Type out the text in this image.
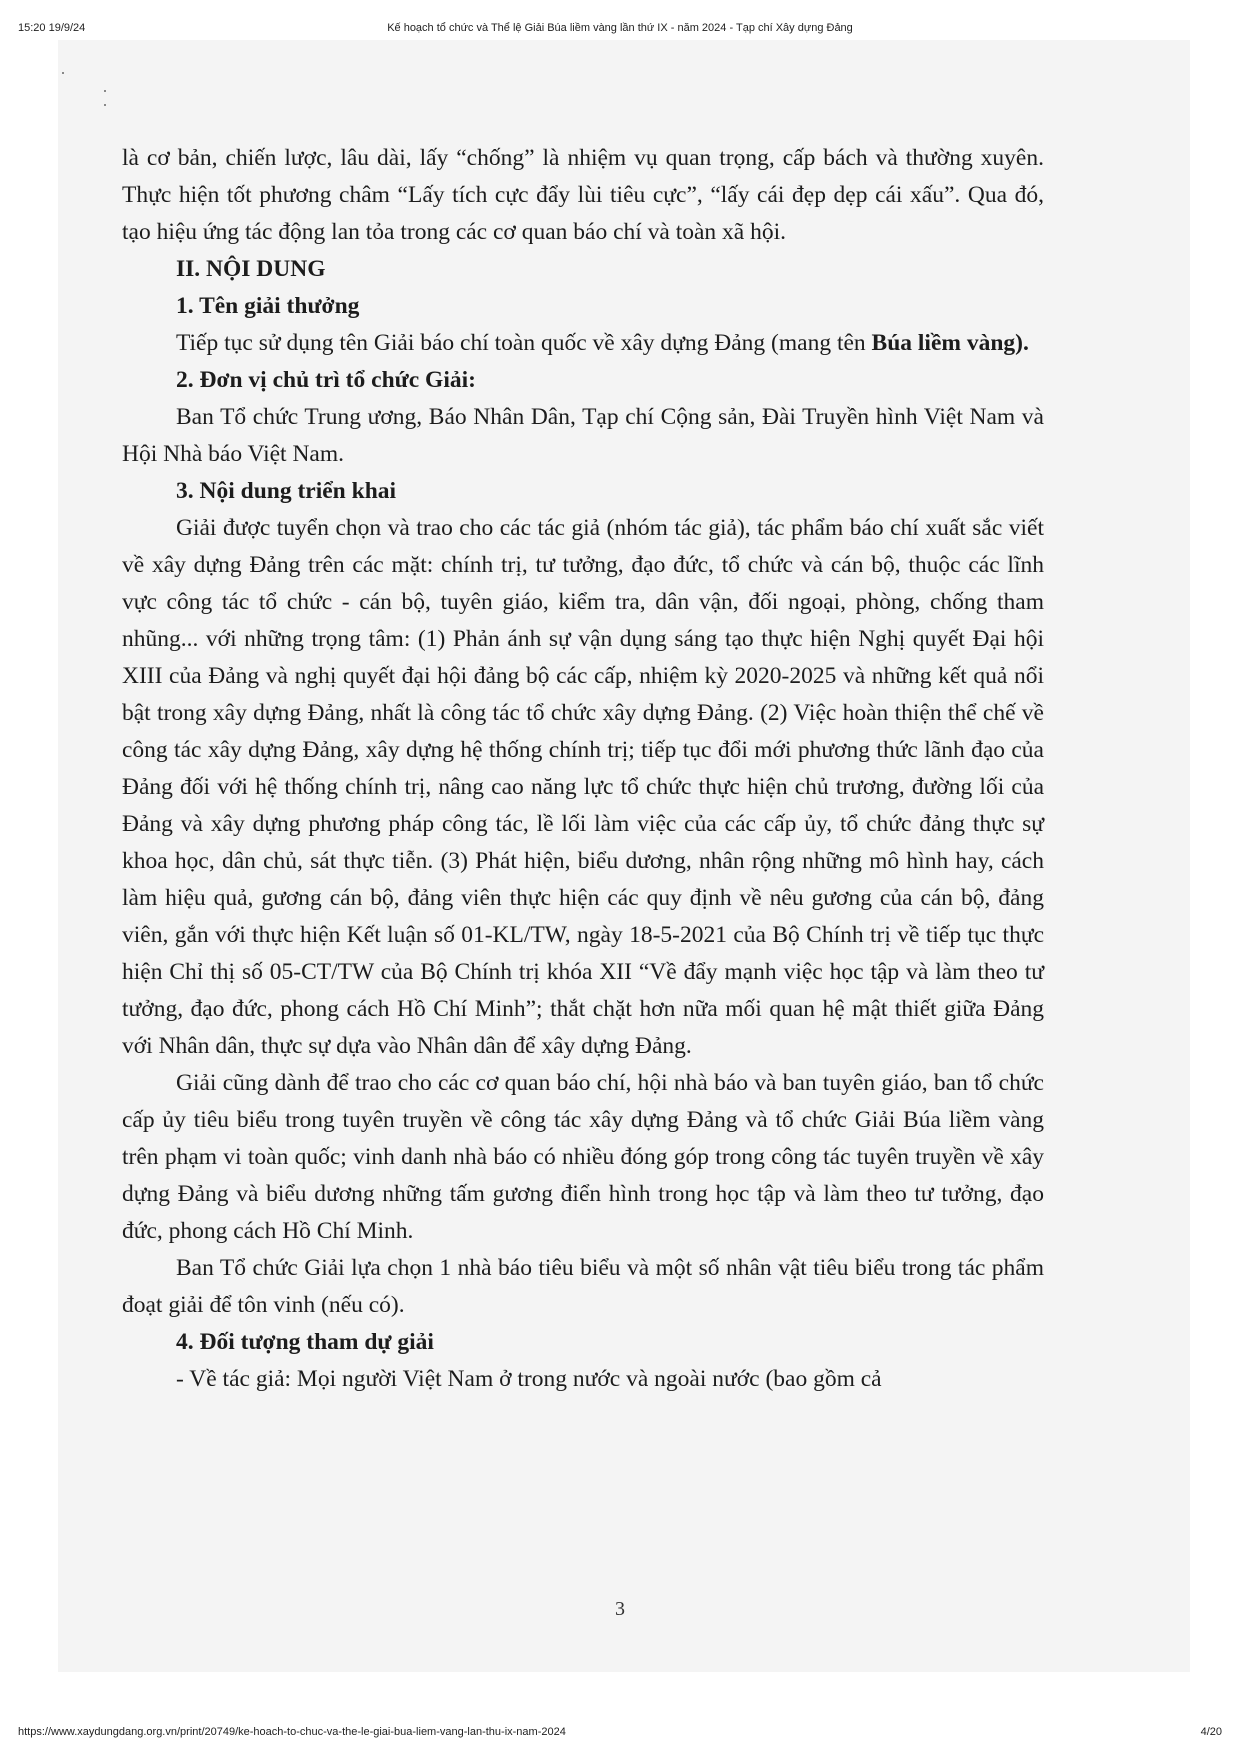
15:20 19/9/24	Kế hoạch tổ chức và Thể lệ Giải Búa liềm vàng lần thứ IX - năm 2024 - Tạp chí Xây dựng Đảng

là cơ bản, chiến lược, lâu dài, lấy “chống” là nhiệm vụ quan trọng, cấp bách và thường xuyên. Thực hiện tốt phương châm “Lấy tích cực đẩy lùi tiêu cực”, “lấy cái đẹp dẹp cái xấu”. Qua đó, tạo hiệu ứng tác động lan tỏa trong các cơ quan báo chí và toàn xã hội.

II. NỘI DUNG

1. Tên giải thưởng

Tiếp tục sử dụng tên Giải báo chí toàn quốc về xây dựng Đảng (mang tên Búa liềm vàng).

2. Đơn vị chủ trì tổ chức Giải:

Ban Tổ chức Trung ương, Báo Nhân Dân, Tạp chí Cộng sản, Đài Truyền hình Việt Nam và Hội Nhà báo Việt Nam.

3. Nội dung triển khai

Giải được tuyển chọn và trao cho các tác giả (nhóm tác giả), tác phẩm báo chí xuất sắc viết về xây dựng Đảng trên các mặt: chính trị, tư tưởng, đạo đức, tổ chức và cán bộ, thuộc các lĩnh vực công tác tổ chức - cán bộ, tuyên giáo, kiểm tra, dân vận, đối ngoại, phòng, chống tham nhũng... với những trọng tâm: (1) Phản ánh sự vận dụng sáng tạo thực hiện Nghị quyết Đại hội XIII của Đảng và nghị quyết đại hội đảng bộ các cấp, nhiệm kỳ 2020-2025 và những kết quả nổi bật trong xây dựng Đảng, nhất là công tác tổ chức xây dựng Đảng. (2) Việc hoàn thiện thể chế về công tác xây dựng Đảng, xây dựng hệ thống chính trị; tiếp tục đổi mới phương thức lãnh đạo của Đảng đối với hệ thống chính trị, nâng cao năng lực tổ chức thực hiện chủ trương, đường lối của Đảng và xây dựng phương pháp công tác, lề lối làm việc của các cấp ủy, tổ chức đảng thực sự khoa học, dân chủ, sát thực tiễn. (3) Phát hiện, biểu dương, nhân rộng những mô hình hay, cách làm hiệu quả, gương cán bộ, đảng viên thực hiện các quy định về nêu gương của cán bộ, đảng viên, gắn với thực hiện Kết luận số 01-KL/TW, ngày 18-5-2021 của Bộ Chính trị về tiếp tục thực hiện Chỉ thị số 05-CT/TW của Bộ Chính trị khóa XII “Về đẩy mạnh việc học tập và làm theo tư tưởng, đạo đức, phong cách Hồ Chí Minh”; thắt chặt hơn nữa mối quan hệ mật thiết giữa Đảng với Nhân dân, thực sự dựa vào Nhân dân để xây dựng Đảng.

Giải cũng dành để trao cho các cơ quan báo chí, hội nhà báo và ban tuyên giáo, ban tổ chức cấp ủy tiêu biểu trong tuyên truyền về công tác xây dựng Đảng và tổ chức Giải Búa liềm vàng trên phạm vi toàn quốc; vinh danh nhà báo có nhiều đóng góp trong công tác tuyên truyền về xây dựng Đảng và biểu dương những tấm gương điển hình trong học tập và làm theo tư tưởng, đạo đức, phong cách Hồ Chí Minh.

Ban Tổ chức Giải lựa chọn 1 nhà báo tiêu biểu và một số nhân vật tiêu biểu trong tác phẩm đoạt giải để tôn vinh (nếu có).

4. Đối tượng tham dự giải

- Về tác giả: Mọi người Việt Nam ở trong nước và ngoài nước (bao gồm cả

3
https://www.xaydungdang.org.vn/print/20749/ke-hoach-to-chuc-va-the-le-giai-bua-liem-vang-lan-thu-ix-nam-2024	4/20
